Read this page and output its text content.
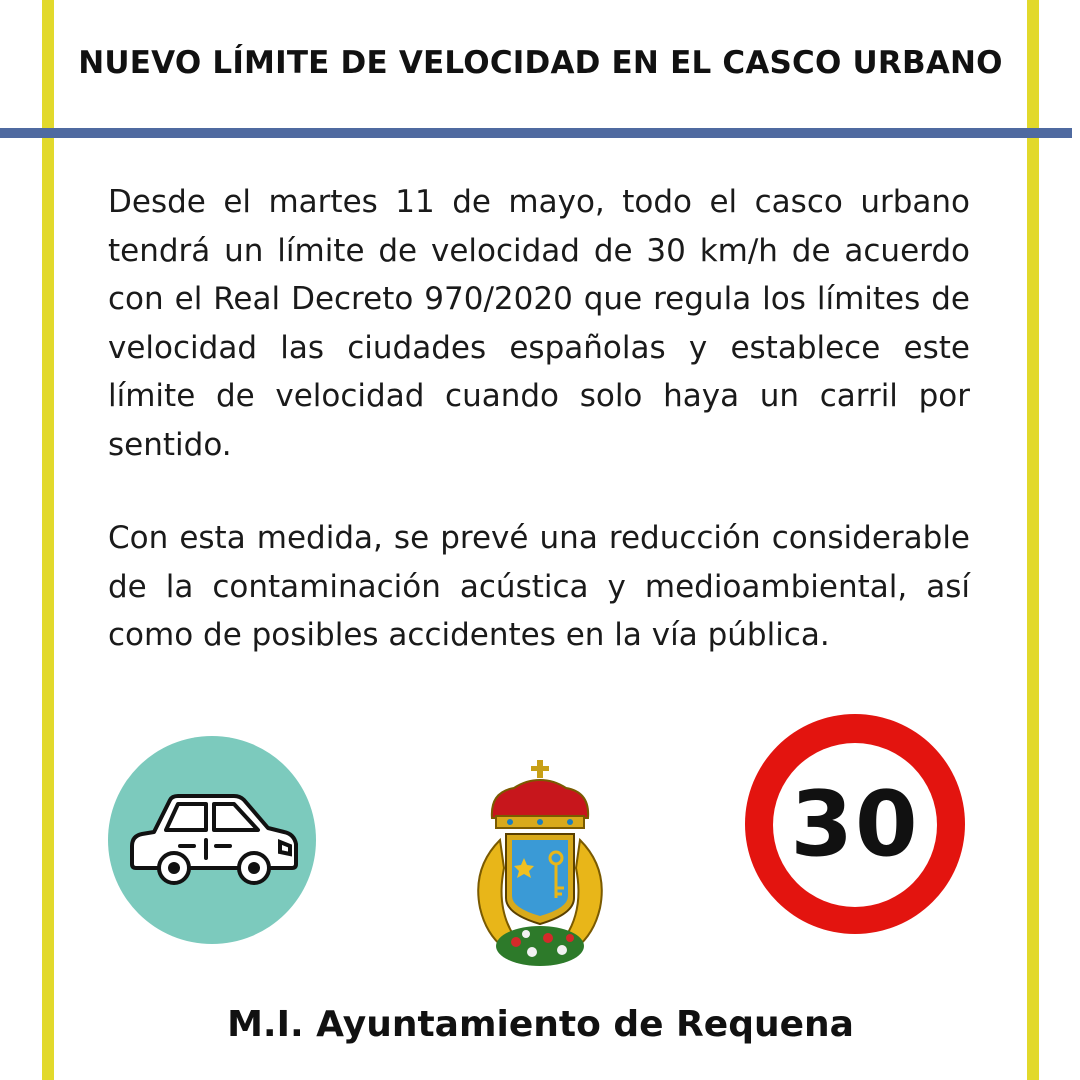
NUEVO LÍMITE DE VELOCIDAD EN EL CASCO URBANO
Desde el martes 11 de mayo, todo el casco urbano tendrá un límite de velocidad de 30 km/h de acuerdo con el Real Decreto 970/2020 que regula los límites de velocidad las ciudades españolas y establece este límite de velocidad cuando solo haya un carril por sentido.
Con esta medida, se prevé una reducción considerable de la contaminación acústica y medioambiental, así como de posibles accidentes en la vía pública.
30
M.I. Ayuntamiento de Requena
